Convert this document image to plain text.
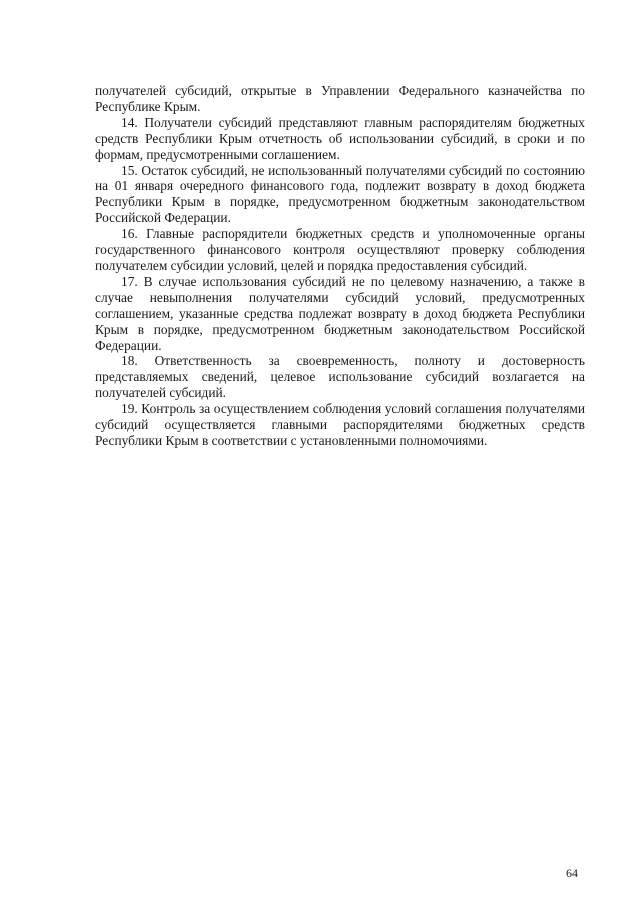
получателей субсидий, открытые в Управлении Федерального казначейства по Республике Крым.

14. Получатели субсидий представляют главным распорядителям бюджетных средств Республики Крым отчетность об использовании субсидий, в сроки и по формам, предусмотренными соглашением.

15. Остаток субсидий, не использованный получателями субсидий по состоянию на 01 января очередного финансового года, подлежит возврату в доход бюджета Республики Крым в порядке, предусмотренном бюджетным законодательством Российской Федерации.

16. Главные распорядители бюджетных средств и уполномоченные органы государственного финансового контроля осуществляют проверку соблюдения получателем субсидии условий, целей и порядка предоставления субсидий.

17. В случае использования субсидий не по целевому назначению, а также в случае невыполнения получателями субсидий условий, предусмотренных соглашением, указанные средства подлежат возврату в доход бюджета Республики Крым в порядке, предусмотренном бюджетным законодательством Российской Федерации.

18. Ответственность за своевременность, полноту и достоверность представляемых сведений, целевое использование субсидий возлагается на получателей субсидий.

19. Контроль за осуществлением соблюдения условий соглашения получателями субсидий осуществляется главными распорядителями бюджетных средств Республики Крым в соответствии с установленными полномочиями.

64
